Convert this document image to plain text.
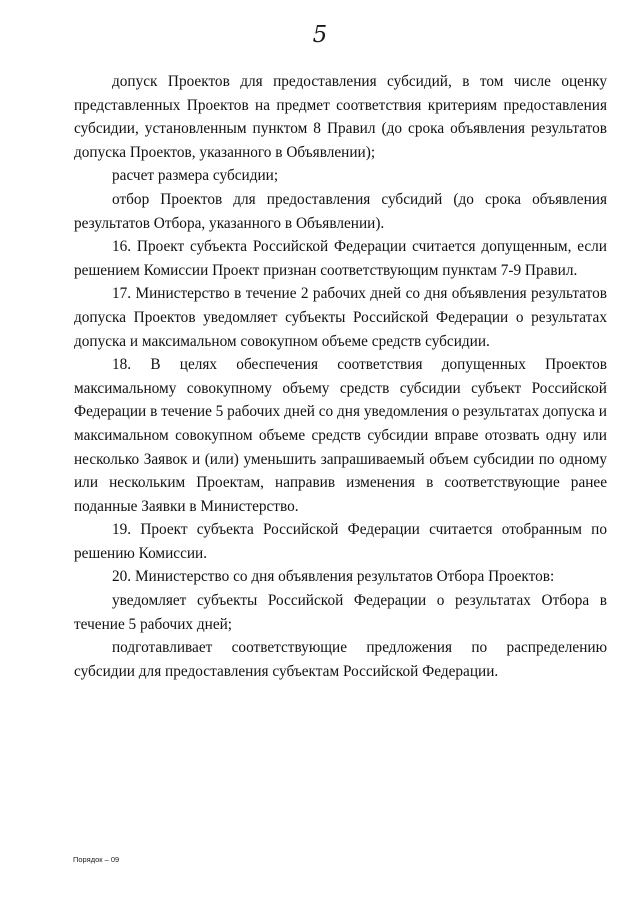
5

допуск Проектов для предоставления субсидий, в том числе оценку представленных Проектов на предмет соответствия критериям предоставления субсидии, установленным пунктом 8 Правил (до срока объявления результатов допуска Проектов, указанного в Объявлении);

расчет размера субсидии;

отбор Проектов для предоставления субсидий (до срока объявления результатов Отбора, указанного в Объявлении).

16. Проект субъекта Российской Федерации считается допущенным, если решением Комиссии Проект признан соответствующим пунктам 7-9 Правил.

17. Министерство в течение 2 рабочих дней со дня объявления результатов допуска Проектов уведомляет субъекты Российской Федерации о результатах допуска и максимальном совокупном объеме средств субсидии.

18. В целях обеспечения соответствия допущенных Проектов максимальному совокупному объему средств субсидии субъект Российской Федерации в течение 5 рабочих дней со дня уведомления о результатах допуска и максимальном совокупном объеме средств субсидии вправе отозвать одну или несколько Заявок и (или) уменьшить запрашиваемый объем субсидии по одному или нескольким Проектам, направив изменения в соответствующие ранее поданные Заявки в Министерство.

19. Проект субъекта Российской Федерации считается отобранным по решению Комиссии.

20. Министерство со дня объявления результатов Отбора Проектов:

уведомляет субъекты Российской Федерации о результатах Отбора в течение 5 рабочих дней;

подготавливает соответствующие предложения по распределению субсидии для предоставления субъектам Российской Федерации.

Порядок – 09
